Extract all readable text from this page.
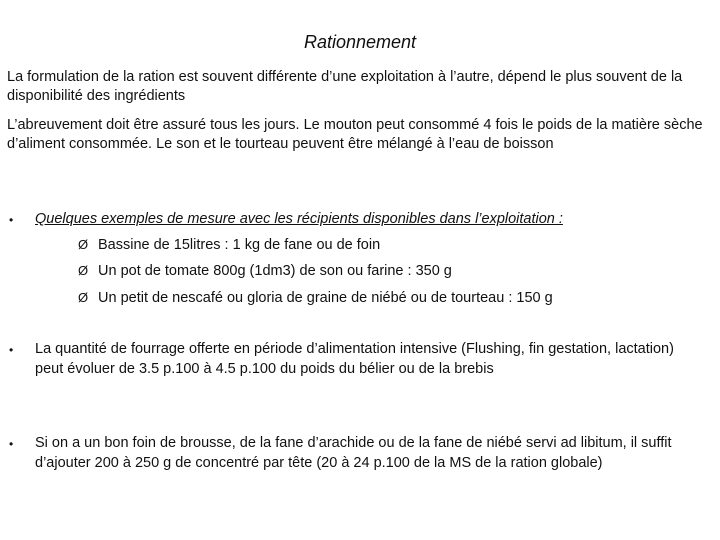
Rationnement
La formulation de la ration est souvent différente d’une exploitation à l’autre, dépend le plus souvent de la disponibilité des ingrédients
L’abreuvement doit être assuré tous les jours. Le mouton peut consommé 4 fois le poids de la matière sèche d’aliment consommée. Le son et le tourteau peuvent être mélangé à l’eau de boisson
• Quelques exemples de mesure avec les récipients disponibles dans l’exploitation :
Ø Bassine de 15litres : 1 kg de fane ou de foin
Ø Un pot de tomate 800g (1dm3) de son ou farine : 350 g
Ø Un petit de nescafé ou gloria de graine de niébé ou de tourteau : 150 g
• La quantité de fourrage offerte en période d’alimentation intensive (Flushing, fin gestation, lactation) peut évoluer de 3.5 p.100 à 4.5 p.100 du poids du bélier ou de la brebis
• Si on a un bon foin de brousse, de la fane d’arachide ou de la fane de niébé servi ad libitum, il suffit d’ajouter 200 à 250 g de concentré par tête (20 à 24 p.100 de la MS de la ration globale)
